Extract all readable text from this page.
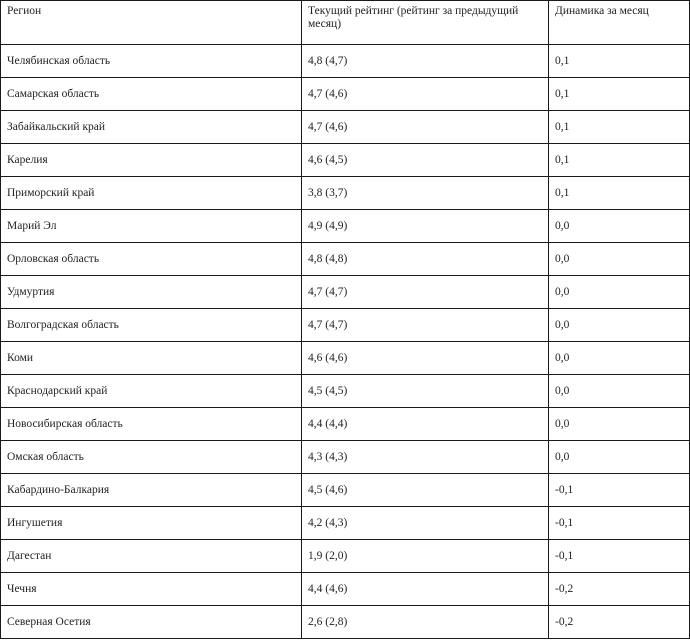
Регион	Текущий рейтинг (рейтинг за предыдущий месяц)	Динамика за месяц
Челябинская область	4,8 (4,7)	0,1
Самарская область	4,7 (4,6)	0,1
Забайкальский край	4,7 (4,6)	0,1
Карелия	4,6 (4,5)	0,1
Приморский край	3,8 (3,7)	0,1
Марий Эл	4,9 (4,9)	0,0
Орловская область	4,8 (4,8)	0,0
Удмуртия	4,7 (4,7)	0,0
Волгоградская область	4,7 (4,7)	0,0
Коми	4,6 (4,6)	0,0
Краснодарский край	4,5 (4,5)	0,0
Новосибирская область	4,4 (4,4)	0,0
Омская область	4,3 (4,3)	0,0
Кабардино-Балкария	4,5 (4,6)	-0,1
Ингушетия	4,2 (4,3)	-0,1
Дагестан	1,9 (2,0)	-0,1
Чечня	4,4 (4,6)	-0,2
Северная Осетия	2,6 (2,8)	-0,2
